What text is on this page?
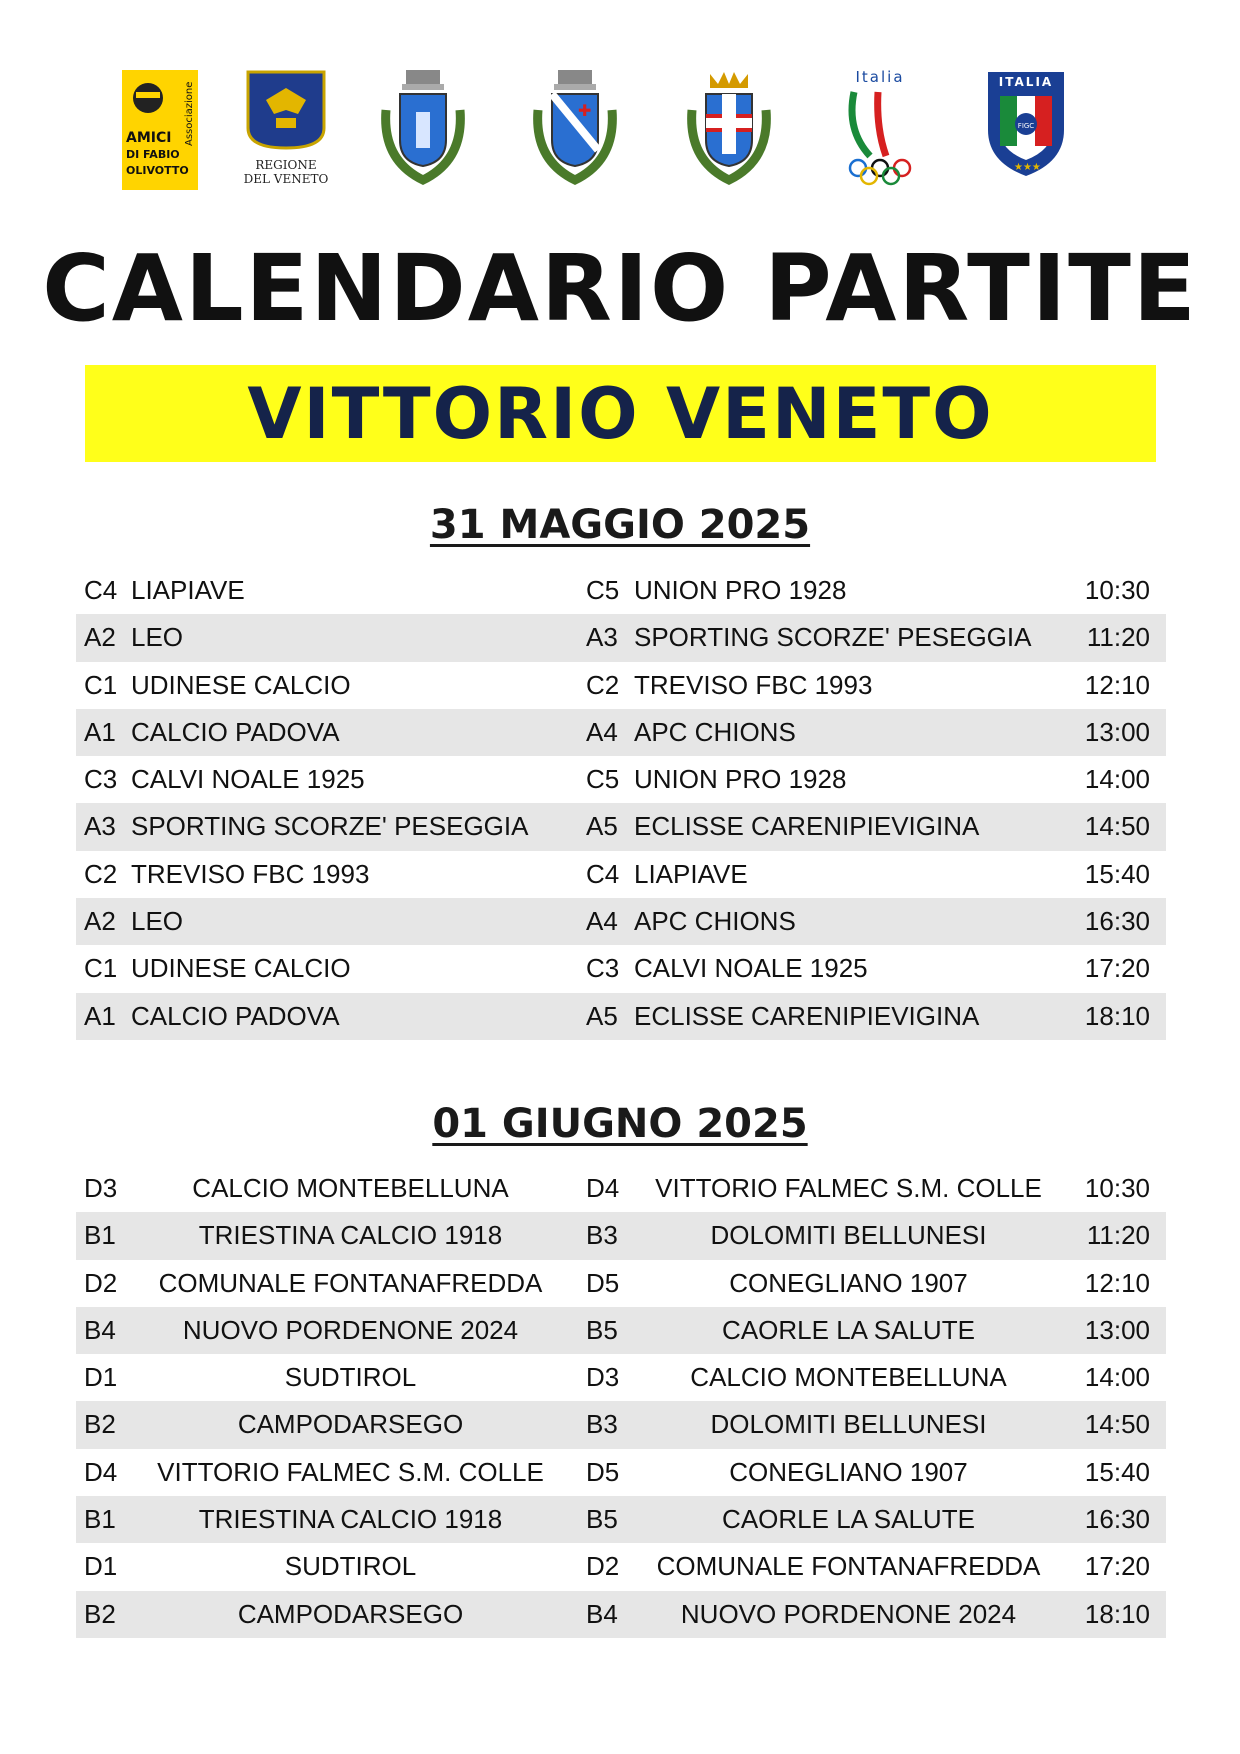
AMICI
DI FABIO
OLIVOTTO
Associazione
REGIONE
DEL VENETO
✚
Italia	ITALIA
FIGC
★★★
CALENDARIO PARTITE
VITTORIO VENETO
31 MAGGIO 2025
C4 LIAPIAVE	C5 UNION PRO 1928	10:30
A2 LEO	A3 SPORTING SCORZE' PESEGGIA 11:20
C1 UDINESE CALCIO	C2 TREVISO FBC 1993	12:10
A1 CALCIO PADOVA	A4 APC CHIONS	13:00
C3 CALVI NOALE 1925	C5 UNION PRO 1928	14:00
A3 SPORTING SCORZE' PESEGGIA A5 ECLISSE CARENIPIEVIGINA	14:50
C2 TREVISO FBC 1993	C4 LIAPIAVE	15:40
A2 LEO	A4 APC CHIONS	16:30
C1 UDINESE CALCIO	C3 CALVI NOALE 1925	17:20
A1 CALCIO PADOVA	A5 ECLISSE CARENIPIEVIGINA	18:10
01 GIUGNO 2025
D3	CALCIO MONTEBELLUNA	D4	VITTORIO FALMEC S.M. COLLE	10:30
B1	TRIESTINA CALCIO 1918	B3	DOLOMITI BELLUNESI	11:20
D2	COMUNALE FONTANAFREDDA	D5	CONEGLIANO 1907	12:10
B4	NUOVO PORDENONE 2024	B5	CAORLE LA SALUTE	13:00
D1	SUDTIROL	D3	CALCIO MONTEBELLUNA	14:00
B2	CAMPODARSEGO	B3	DOLOMITI BELLUNESI	14:50
D4	VITTORIO FALMEC S.M. COLLE	D5	CONEGLIANO 1907	15:40
B1	TRIESTINA CALCIO 1918	B5	CAORLE LA SALUTE	16:30
D1	SUDTIROL	D2	COMUNALE FONTANAFREDDA	17:20
B2	CAMPODARSEGO	B4	NUOVO PORDENONE 2024	18:10
